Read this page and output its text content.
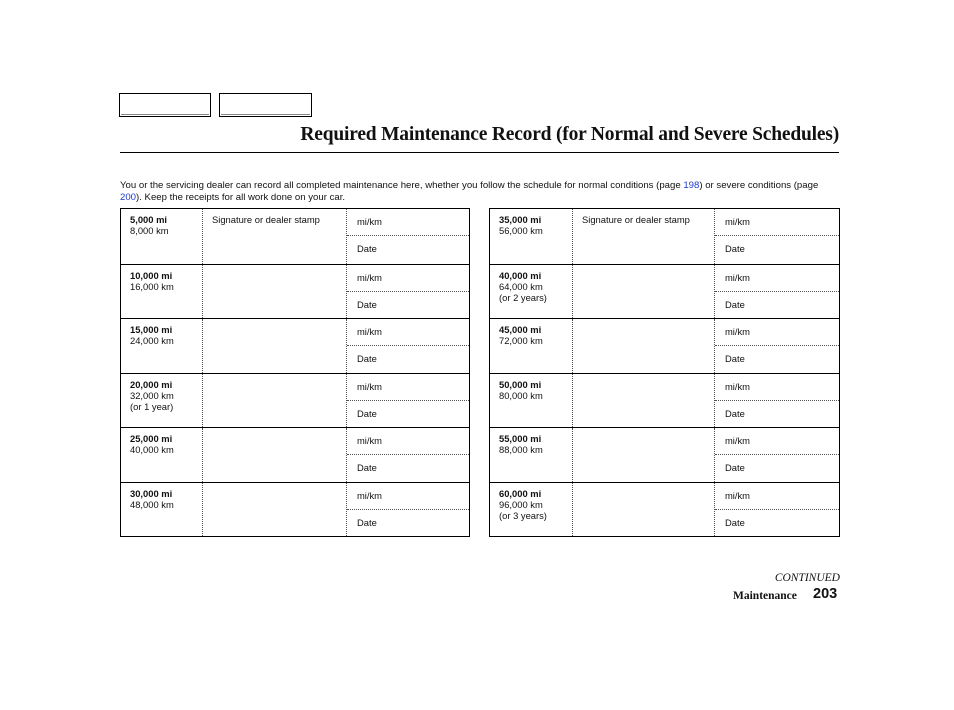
Required Maintenance Record (for Normal and Severe Schedules)
You or the servicing dealer can record all completed maintenance here, whether you follow the schedule for normal conditions (page 198) or severe conditions (page 200). Keep the receipts for all work done on your car.
5,000 mi
8,000 km
Signature or dealer stamp	mi/km
Date
10,000 mi
16,000 km
mi/km
Date
15,000 mi
24,000 km
mi/km
Date
20,000 mi
32,000 km
(or 1 year)
mi/km
Date
25,000 mi
40,000 km
mi/km
Date
30,000 mi
48,000 km
mi/km
Date
35,000 mi
56,000 km
Signature or dealer stamp	mi/km
Date
40,000 mi
64,000 km
(or 2 years)
mi/km
Date
45,000 mi
72,000 km
mi/km
Date
50,000 mi
80,000 km
mi/km
Date
55,000 mi
88,000 km
mi/km
Date
60,000 mi
96,000 km
(or 3 years)
mi/km
Date
CONTINUED
Maintenance 203
